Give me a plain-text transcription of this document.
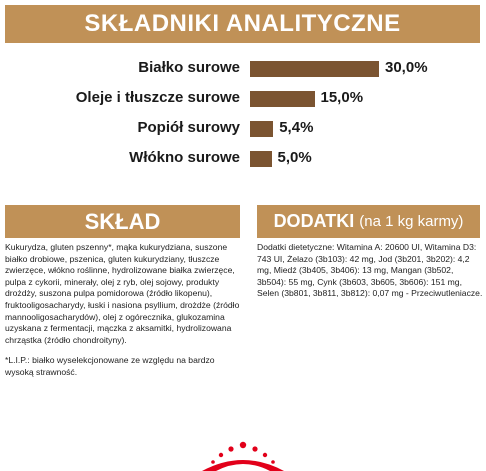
SKŁADNIKI ANALITYCZNE
Białko surowe	30,0%
Oleje i tłuszcze surowe	15,0%
Popiół surowy	5,4%
Włókno surowe	5,0%
SKŁAD	DODATKI (na 1 kg karmy)
Kukurydza, gluten pszenny*, mąka kukurydziana, suszone białko drobiowe, pszenica, gluten kukurydziany, tłuszcze zwierzęce, włókno roślinne, hydrolizowane białka zwierzęce, pulpa z cykorii, minerały, olej z ryb, olej sojowy, produkty drożdży, suszona pulpa pomidorowa (źródło likopenu), fruktooligosacharydy, łuski i nasiona psyllium, drożdże (źródło mannooligosacharydów), olej z ogórecznika, glukozamina uzyskana z fermentacji, mączka z aksamitki, hydrolizowana chrząstka (źródło chondroityny).
*L.I.P.: białko wyselekcjonowane ze względu na bardzo wysoką strawność.
Dodatki dietetyczne: Witamina A: 20600 UI, Witamina D3: 743 UI, Żelazo (3b103): 42 mg, Jod (3b201, 3b202): 4,2 mg, Miedź (3b405, 3b406): 13 mg, Mangan (3b502, 3b504): 55 mg, Cynk (3b603, 3b605, 3b606): 151 mg, Selen (3b801, 3b811, 3b812): 0,07 mg - Przeciwutleniacze.
